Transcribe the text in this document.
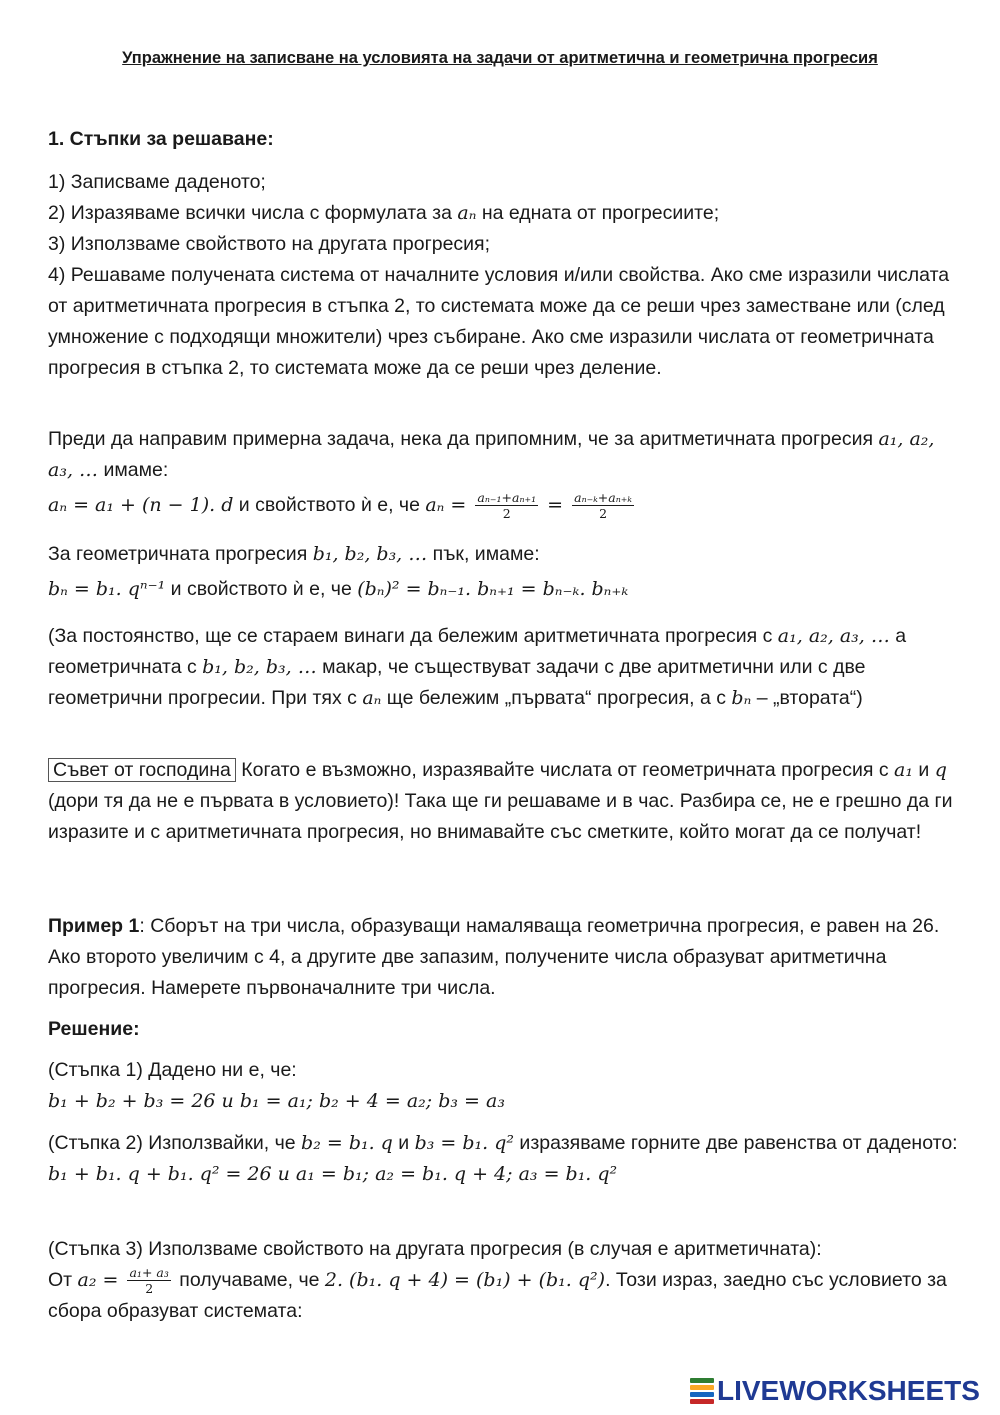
Упражнение на записване на условията на задачи от аритметична и геометрична прогресия

1. Стъпки за решаване:

1) Записваме даденото;

2) Изразяваме всички числа с формулата за aₙ на едната от прогресиите;

3) Използваме свойството на другата прогресия;

4) Решаваме получената система от началните условия и/или свойства. Ако сме изразили числата от аритметичната прогресия в стъпка 2, то системата може да се реши чрез заместване или (след умножение с подходящи множители) чрез събиране. Ако сме изразили числата от геометричната прогресия в стъпка 2, то системата може да се реши чрез деление.

Преди да направим примерна задача, нека да припомним, че за аритметичната прогресия a₁, a₂, a₃, … имаме:

aₙ = a₁ + (n − 1). d и свойството ѝ е, че $a_n = \frac{\text{aₙ₋₁+aₙ₊₁}}{2} = \frac{\text{aₙ₋ₖ+aₙ₊ₖ}}{2}$

За геометричната прогресия b₁, b₂, b₃, … пък, имаме:

bₙ = b₁. qⁿ⁻¹ и свойството ѝ е, че (bₙ)² = bₙ₋₁. bₙ₊₁ = bₙ₋ₖ. bₙ₊ₖ

(За постоянство, ще се стараем винаги да бележим аритметичната прогресия с a₁, a₂, a₃, … а геометричната с b₁, b₂, b₃, … макар, че съществуват задачи с две аритметични или с две геометрични прогресии. При тях с aₙ ще бележим „първата“ прогресия, а с bₙ – „втората“)

Съвет от господина Когато е възможно, изразявайте числата от геометричната прогресия с a₁ и q (дори тя да не е първата в условието)! Така ще ги решаваме и в час. Разбира се, не е грешно да ги изразите и с аритметичната прогресия, но внимавайте със сметките, който могат да се получат!

Пример 1: Сборът на три числа, образуващи намаляваща геометрична прогресия, е равен на 26. Ако второто увеличим с 4, а другите две запазим, получените числа образуват аритметична прогресия. Намерете първоначалните три числа.

Решение:

(Стъпка 1) Дадено ни е, че:

b₁ + b₂ + b₃ = 26 и b₁ = a₁; b₂ + 4 = a₂; b₃ = a₃

(Стъпка 2) Използвайки, че b₂ = b₁. q и b₃ = b₁. q² изразяваме горните две равенства от даденото:

b₁ + b₁. q + b₁. q² = 26 и a₁ = b₁; a₂ = b₁. q + 4; a₃ = b₁. q²

(Стъпка 3) Използваме свойството на другата прогресия (в случая е аритметичната):

От $a_2 = \frac{\text{a₁+ a₃}}{2}$ получаваме, че 2. (b₁. q + 4) = (b₁) + (b₁. q²). Този израз, заедно със условието за сбора образуват системата:

LIVEWORKSHEETS
